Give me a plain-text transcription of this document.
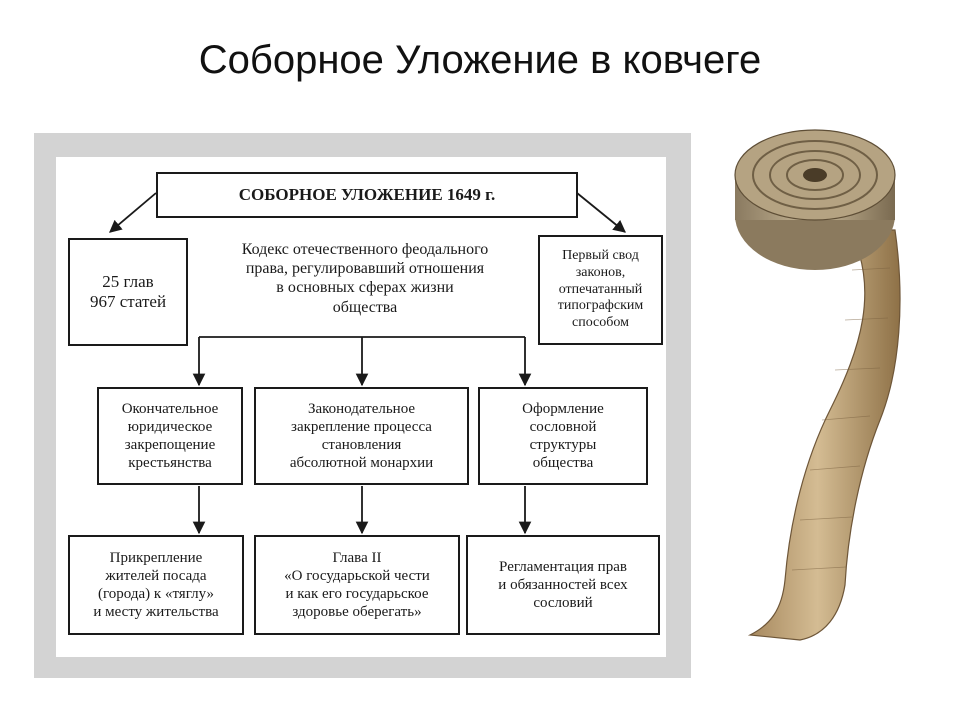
Соборное Уложение в ковчеге
СОБОРНОЕ УЛОЖЕНИЕ 1649 г.
25 глав
967 статей
Кодекс отечественного феодального
права, регулировавший отношения
в основных сферах жизни
общества
Первый свод
законов,
отпечатанный
типографским
способом
Окончательное
юридическое
закрепощение
крестьянства
Законодательное
закрепление процесса
становления
абсолютной монархии
Оформление
сословной
структуры
общества
Прикрепление
жителей посада
(города) к «тяглу»
и месту жительства
Глава II
«О государьской чести
и как его государьское
здоровье оберегать»
Регламентация прав
и обязанностей всех
сословий
